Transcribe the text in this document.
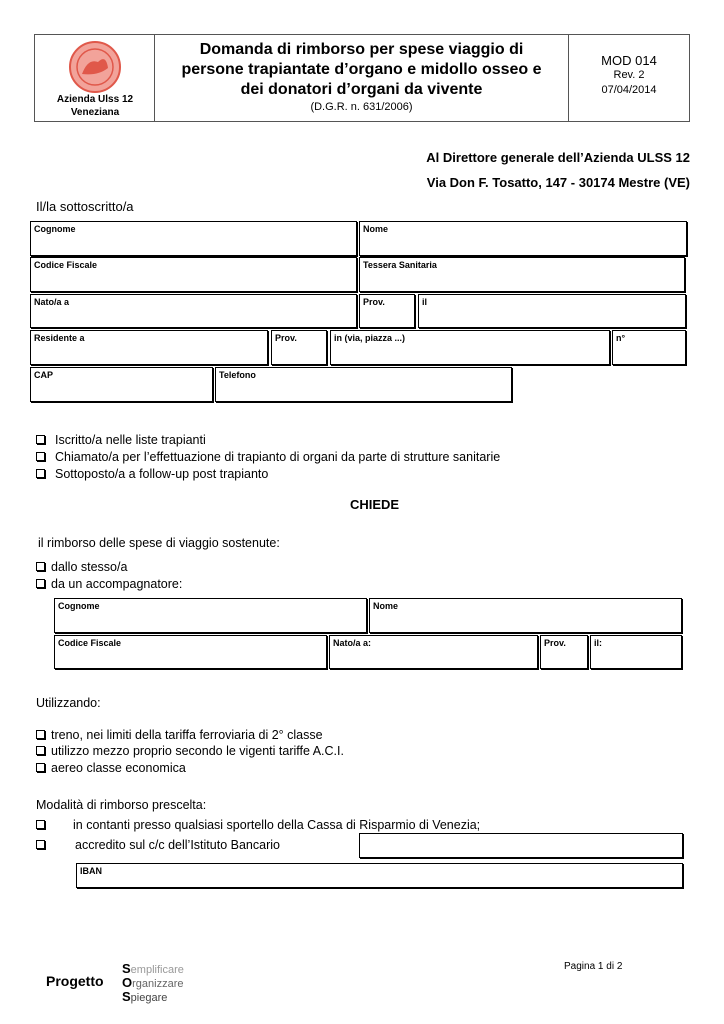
Azienda Ulss 12
Veneziana
Domanda di rimborso per spese viaggio di
persone trapiantate d’organo e midollo osseo e
dei donatori d’organi da vivente
(D.G.R. n. 631/2006)
MOD 014
Rev. 2
07/04/2014
Al Direttore generale dell’Azienda ULSS 12
Via Don F. Tosatto, 147 - 30174 Mestre (VE)
Il/la sottoscritto/a
Cognome	Nome
Codice Fiscale	Tessera Sanitaria
Nato/a a	Prov.	il
Residente a	Prov.	in (via, piazza ...)	n°
CAP	Telefono
Iscritto/a nelle liste trapianti
Chiamato/a per l’effettuazione di trapianto di organi da parte di strutture sanitarie
Sottoposto/a a follow-up post trapianto
CHIEDE
il rimborso delle spese di viaggio sostenute:
dallo stesso/a
da un accompagnatore:
Cognome	Nome
Codice Fiscale	Nato/a a:	Prov.	il:
Utilizzando:
treno, nei limiti della tariffa ferroviaria di 2° classe
utilizzo mezzo proprio secondo le vigenti tariffe A.C.I.
aereo classe economica
Modalità di rimborso prescelta:
in contanti presso qualsiasi sportello della Cassa di Risparmio di Venezia;
accredito sul c/c dell’Istituto Bancario
IBAN
Progetto
Semplificare
Organizzare
Spiegare
Pagina 1 di 2
